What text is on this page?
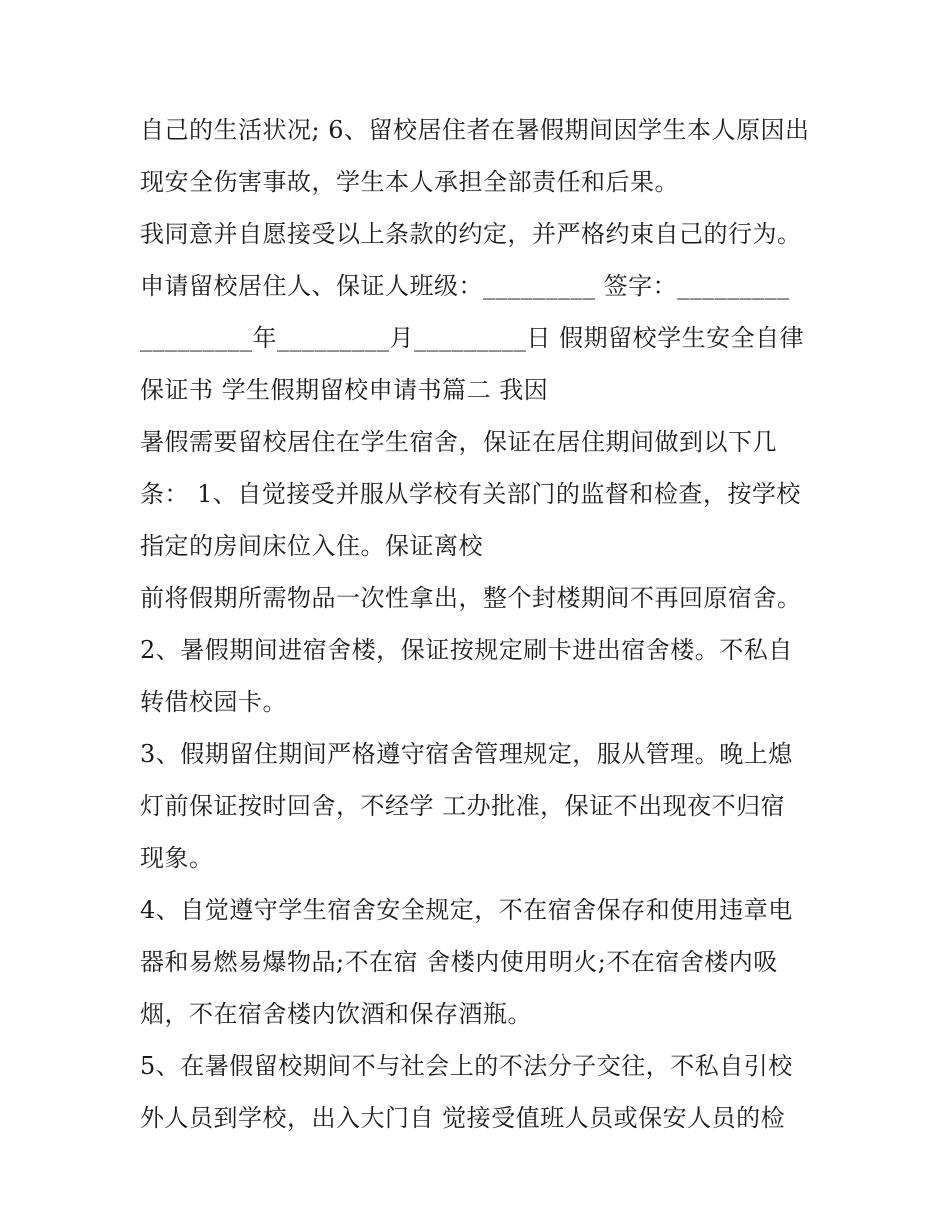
自己的生活状况; 6、留校居住者在暑假期间因学生本人原因出
现安全伤害事故，学生本人承担全部责任和后果。
我同意并自愿接受以上条款的约定，并严格约束自己的行为。
申请留校居住人、保证人班级：_________ 签字：_________
_________年_________月_________日 假期留校学生安全自律
保证书 学生假期留校申请书篇二 我因
暑假需要留校居住在学生宿舍，保证在居住期间做到以下几
条： 1、自觉接受并服从学校有关部门的监督和检查，按学校
指定的房间床位入住。保证离校
前将假期所需物品一次性拿出，整个封楼期间不再回原宿舍。
2、暑假期间进宿舍楼，保证按规定刷卡进出宿舍楼。不私自
转借校园卡。
3、假期留住期间严格遵守宿舍管理规定，服从管理。晚上熄
灯前保证按时回舍，不经学 工办批准，保证不出现夜不归宿
现象。
4、自觉遵守学生宿舍安全规定，不在宿舍保存和使用违章电
器和易燃易爆物品;不在宿 舍楼内使用明火;不在宿舍楼内吸
烟，不在宿舍楼内饮酒和保存酒瓶。
5、在暑假留校期间不与社会上的不法分子交往，不私自引校
外人员到学校，出入大门自 觉接受值班人员或保安人员的检
